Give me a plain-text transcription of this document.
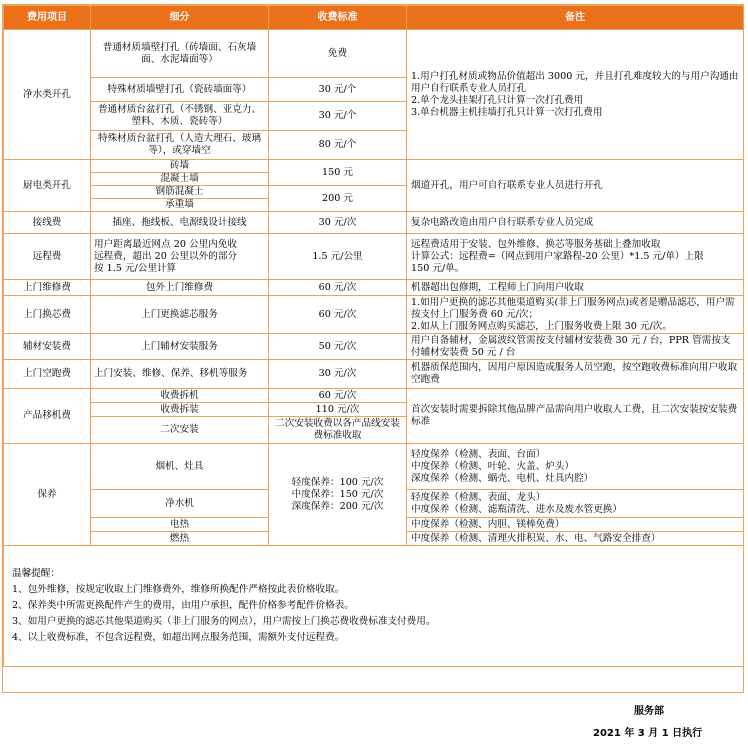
费用项目	细分	收费标准	备注
净水类开孔	普通材质墙壁打孔（砖墙面、石灰墙面、水泥墙面等）	免费	1.用户打孔材质或物品价值超出 3000 元，并且打孔难度较大的与用户沟通由用户自行联系专业人员打孔
2.单个龙头挂架打孔只计算一次打孔费用
3.单台机器主机挂墙打孔只计算一次打孔费用

	特殊材质墙壁打孔（瓷砖墙面等）	30 元/个	
	普通材质台盆打孔（不锈钢、亚克力、塑料、木质、瓷砖等）	30 元/个	
	特殊材质台盆打孔（人造大理石、玻璃等），或穿墙空	80 元/个	
厨电类开孔	砖墙	150 元	烟道开孔，用户可自行联系专业人员进行开孔
	混凝土墙		
	钢筋混凝土	200 元	
	承重墙		
接线费	插座、拖线板、电源线设计接线	30 元/次	复杂电路改造由用户自行联系专业人员完成
远程费	用户距离最近网点 20 公里内免收
远程费，超出 20 公里以外的部分
按 1.5 元/公里计算	1.5 元/公里	远程费适用于安装、包外维修、换芯等服务基础上叠加收取
计算公式：远程费=（网点到用户家路程-20 公里）*1.5 元/单）上限
150 元/单。

上门维修费	包外上门维修费	60 元/次	机器超出包修期，工程师上门向用户收取
上门换芯费	上门更换滤芯服务	60 元/次	1.如用户更换的滤芯其他渠道购买(非上门服务网点)或者是赠品滤芯，用户需按支付上门服务费 60 元/次；
2.如从上门服务网点购买滤芯，上门服务收费上限 30 元/次。

辅材安装费	上门辅材安装服务	50 元/次	用户自备辅材，金属波纹管需按支付辅材安装费 30 元 / 台，PPR 管需按支付辅材安装费 50 元 / 台
上门空跑费	上门安装、维修、保养、移机等服务	30 元/次	机器质保范围内，因用户原因造成服务人员空跑，按空跑收费标准向用户收取空跑费
产品移机费	收费拆机	60 元/次	首次安装时需要拆除其他品牌产品需向用户收取人工费，且二次安装按安装费标准
	收费拆装	110 元/次	
	二次安装	二次安装收费以各产品线安装费标准收取	
保养	烟机、灶具	轻度保养：100 元/次
中度保养：150 元/次
深度保养：200 元/次	轻度保养（检测、表面、台面）
中度保养（检测、叶轮、火盖、炉头）
深度保养（检测、蜗壳、电机、灶具内腔）

	净水机		轻度保养（检测、表面、龙头）
中度保养（检测、滤瓶清洗、进水及废水管更换）

	电热		中度保养（检测、内胆、镁棒免费）
	燃热		中度保养（检测、清理火排积炭、水、电、气路安全排查）

温馨提醒：
1、包外维修，按规定收取上门维修费外，维修所换配件严格按此表价格收取。
2、保养类中所需更换配件产生的费用，由用户承担，配件价格参考配件价格表。
3、如用户更换的滤芯其他渠道购买（非上门服务的网点），用户需按上门换芯费收费标准支付费用。
4、以上收费标准，不包含远程费，如超出网点服务范围，需额外支付远程费。			
服务部
2021 年 3 月 1 日执行
